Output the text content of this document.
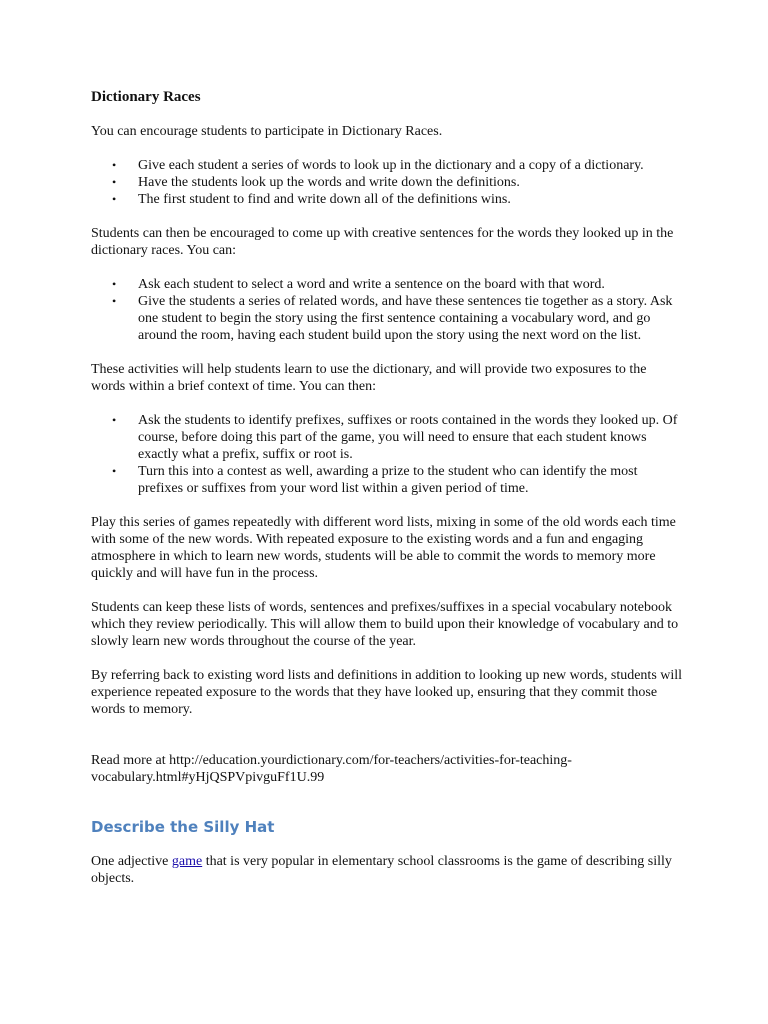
Dictionary Races

You can encourage students to participate in Dictionary Races.

• Give each student a series of words to look up in the dictionary and a copy of a dictionary.
• Have the students look up the words and write down the definitions.
• The first student to find and write down all of the definitions wins.

Students can then be encouraged to come up with creative sentences for the words they looked up in the dictionary races. You can:

• Ask each student to select a word and write a sentence on the board with that word.
• Give the students a series of related words, and have these sentences tie together as a story. Ask one student to begin the story using the first sentence containing a vocabulary word, and go around the room, having each student build upon the story using the next word on the list.

These activities will help students learn to use the dictionary, and will provide two exposures to the words within a brief context of time. You can then:

• Ask the students to identify prefixes, suffixes or roots contained in the words they looked up. Of course, before doing this part of the game, you will need to ensure that each student knows exactly what a prefix, suffix or root is.
• Turn this into a contest as well, awarding a prize to the student who can identify the most prefixes or suffixes from your word list within a given period of time.

Play this series of games repeatedly with different word lists, mixing in some of the old words each time with some of the new words. With repeated exposure to the existing words and a fun and engaging atmosphere in which to learn new words, students will be able to commit the words to memory more quickly and will have fun in the process.

Students can keep these lists of words, sentences and prefixes/suffixes in a special vocabulary notebook which they review periodically. This will allow them to build upon their knowledge of vocabulary and to slowly learn new words throughout the course of the year.

By referring back to existing word lists and definitions in addition to looking up new words, students will experience repeated exposure to the words that they have looked up, ensuring that they commit those words to memory.

Read more at http://education.yourdictionary.com/for-teachers/activities-for-teaching-vocabulary.html#yHjQSPVpivguFf1U.99

Describe the Silly Hat

One adjective game that is very popular in elementary school classrooms is the game of describing silly objects.
